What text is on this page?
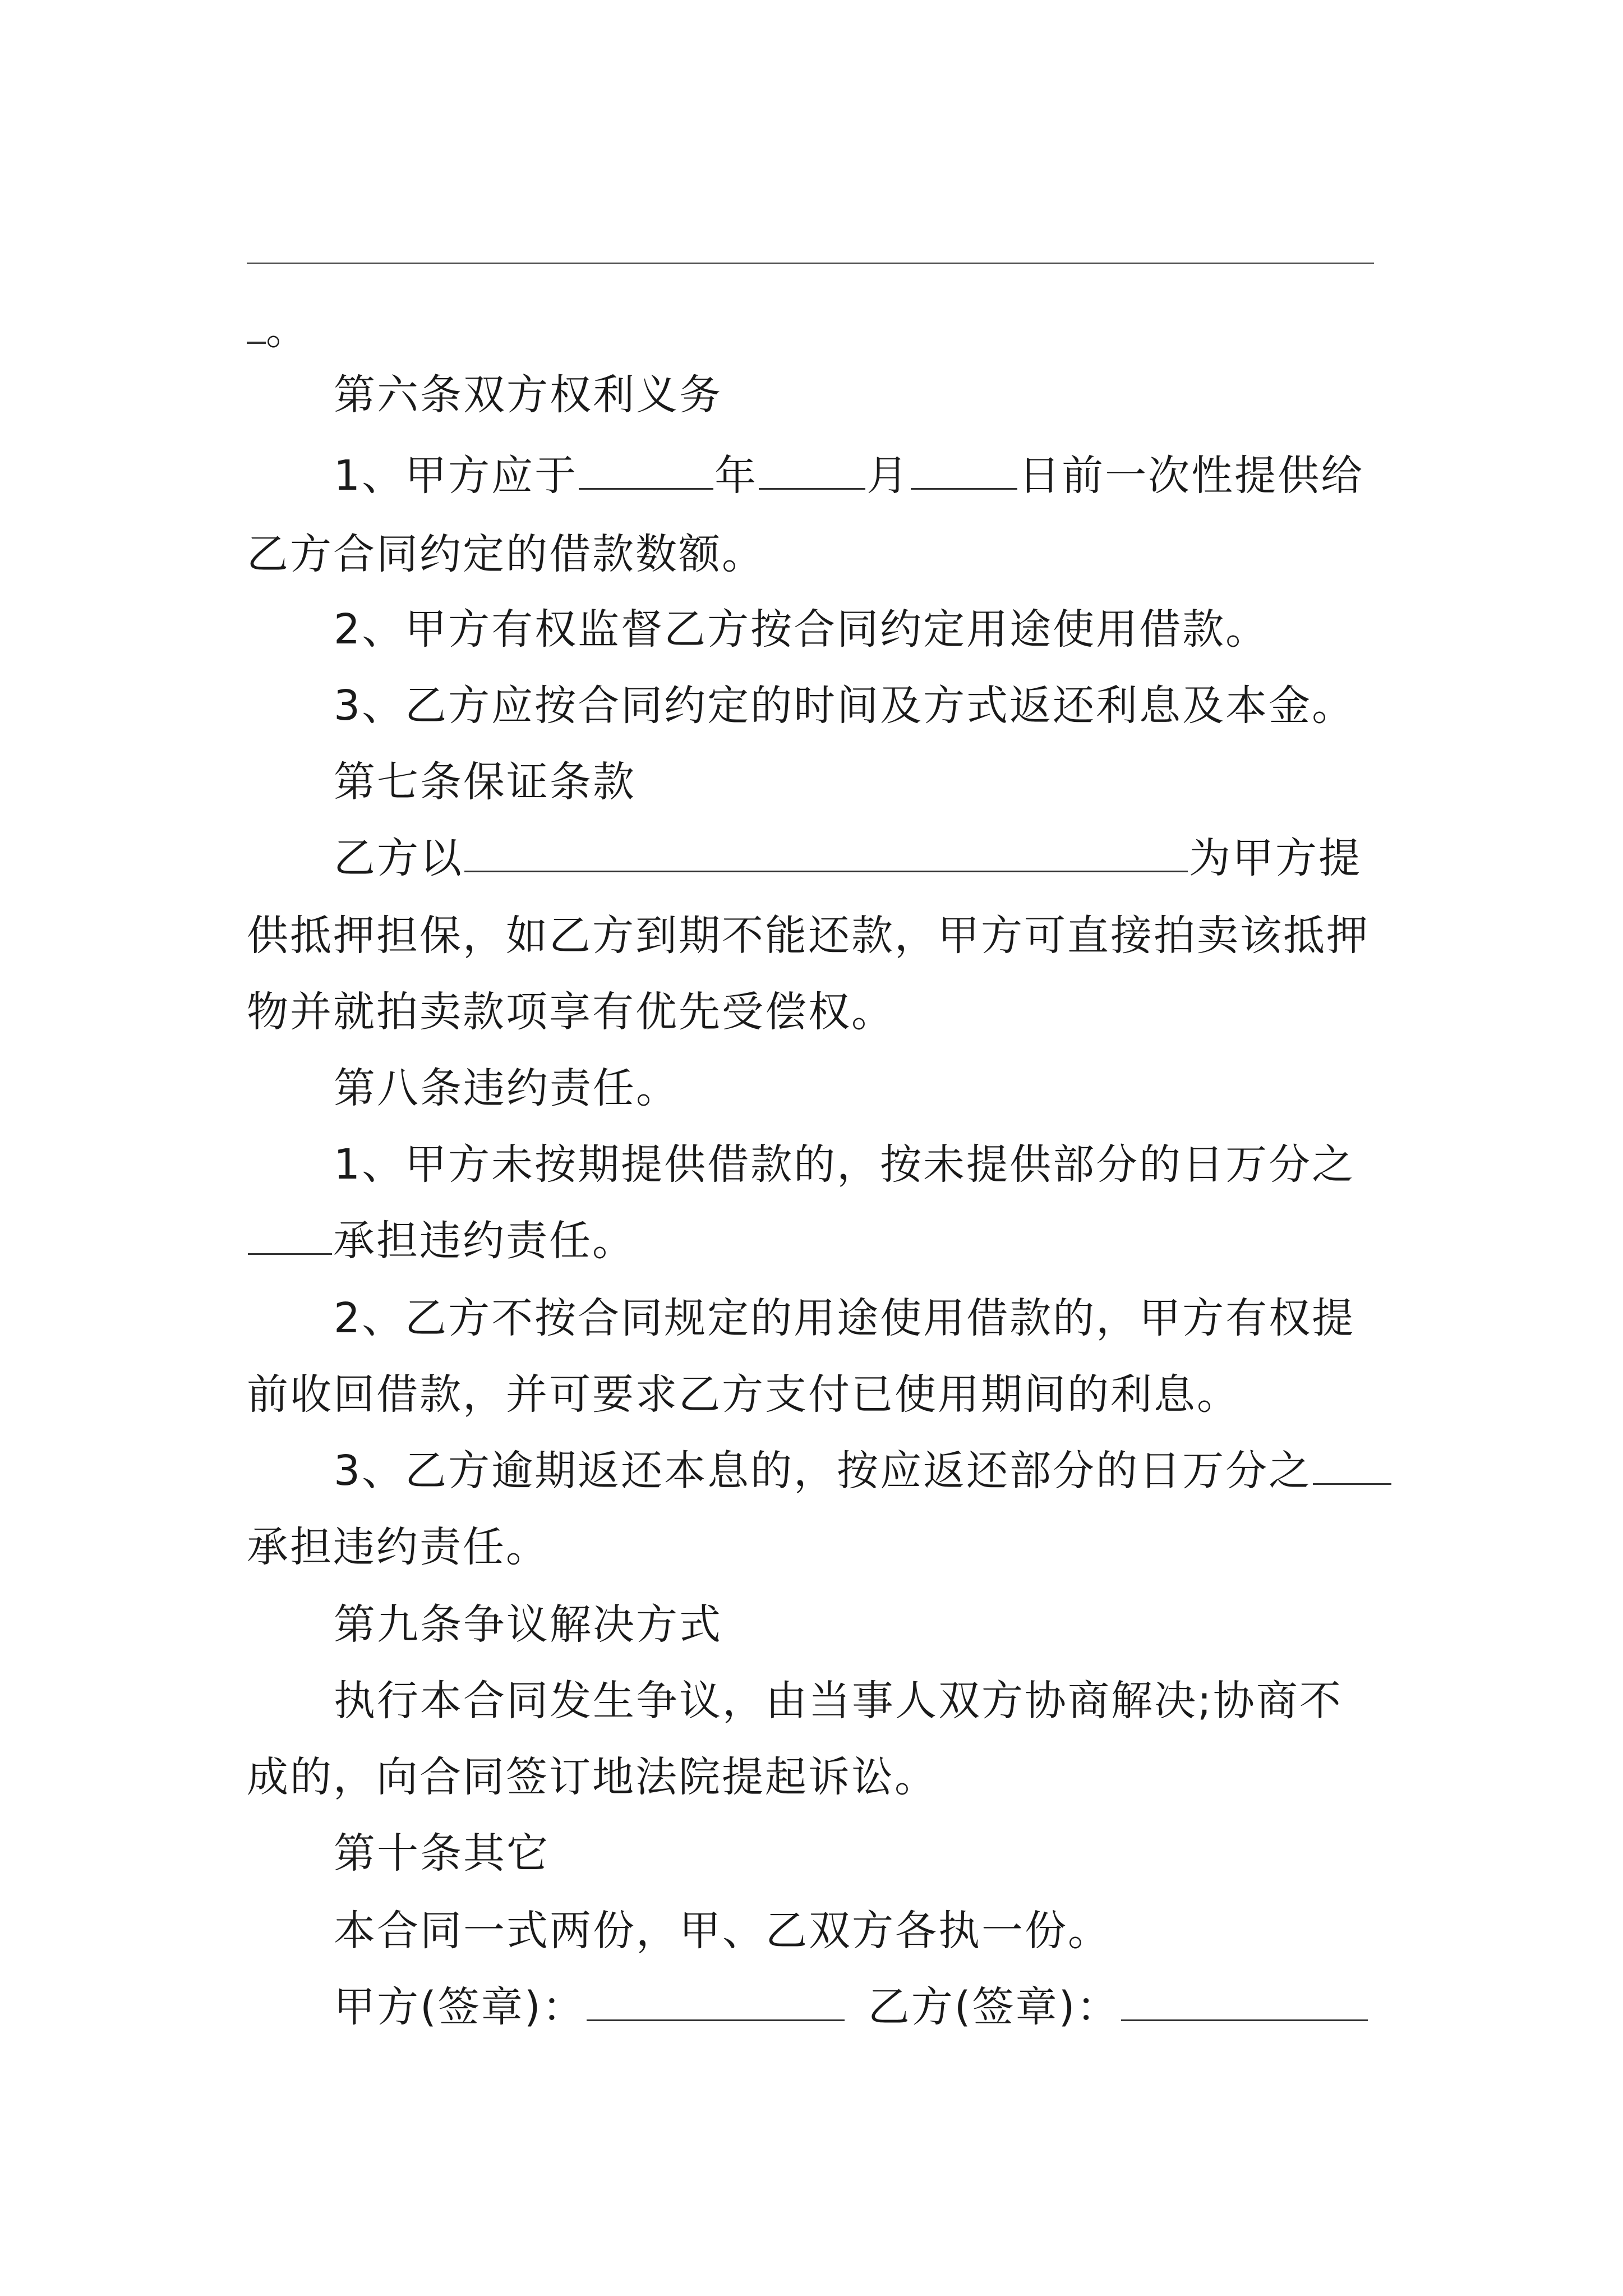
。
第六条双方权利义务
1、甲方应于	年	月	日前一次性提供给
乙方合同约定的借款数额。
2、甲方有权监督乙方按合同约定用途使用借款。
3、乙方应按合同约定的时间及方式返还利息及本金。
第七条保证条款
乙方以	为甲方提
供抵押担保，如乙方到期不能还款，甲方可直接拍卖该抵押
物并就拍卖款项享有优先受偿权。
第八条违约责任。
1、甲方未按期提供借款的，按未提供部分的日万分之
承担违约责任。
2、乙方不按合同规定的用途使用借款的，甲方有权提
前收回借款，并可要求乙方支付已使用期间的利息。
3、乙方逾期返还本息的，按应返还部分的日万分之
承担违约责任。
第九条争议解决方式
执行本合同发生争议，由当事人双方协商解决;协商不
成的，向合同签订地法院提起诉讼。
第十条其它
本合同一式两份，甲、乙双方各执一份。
甲方(签章)：	乙方(签章)：
